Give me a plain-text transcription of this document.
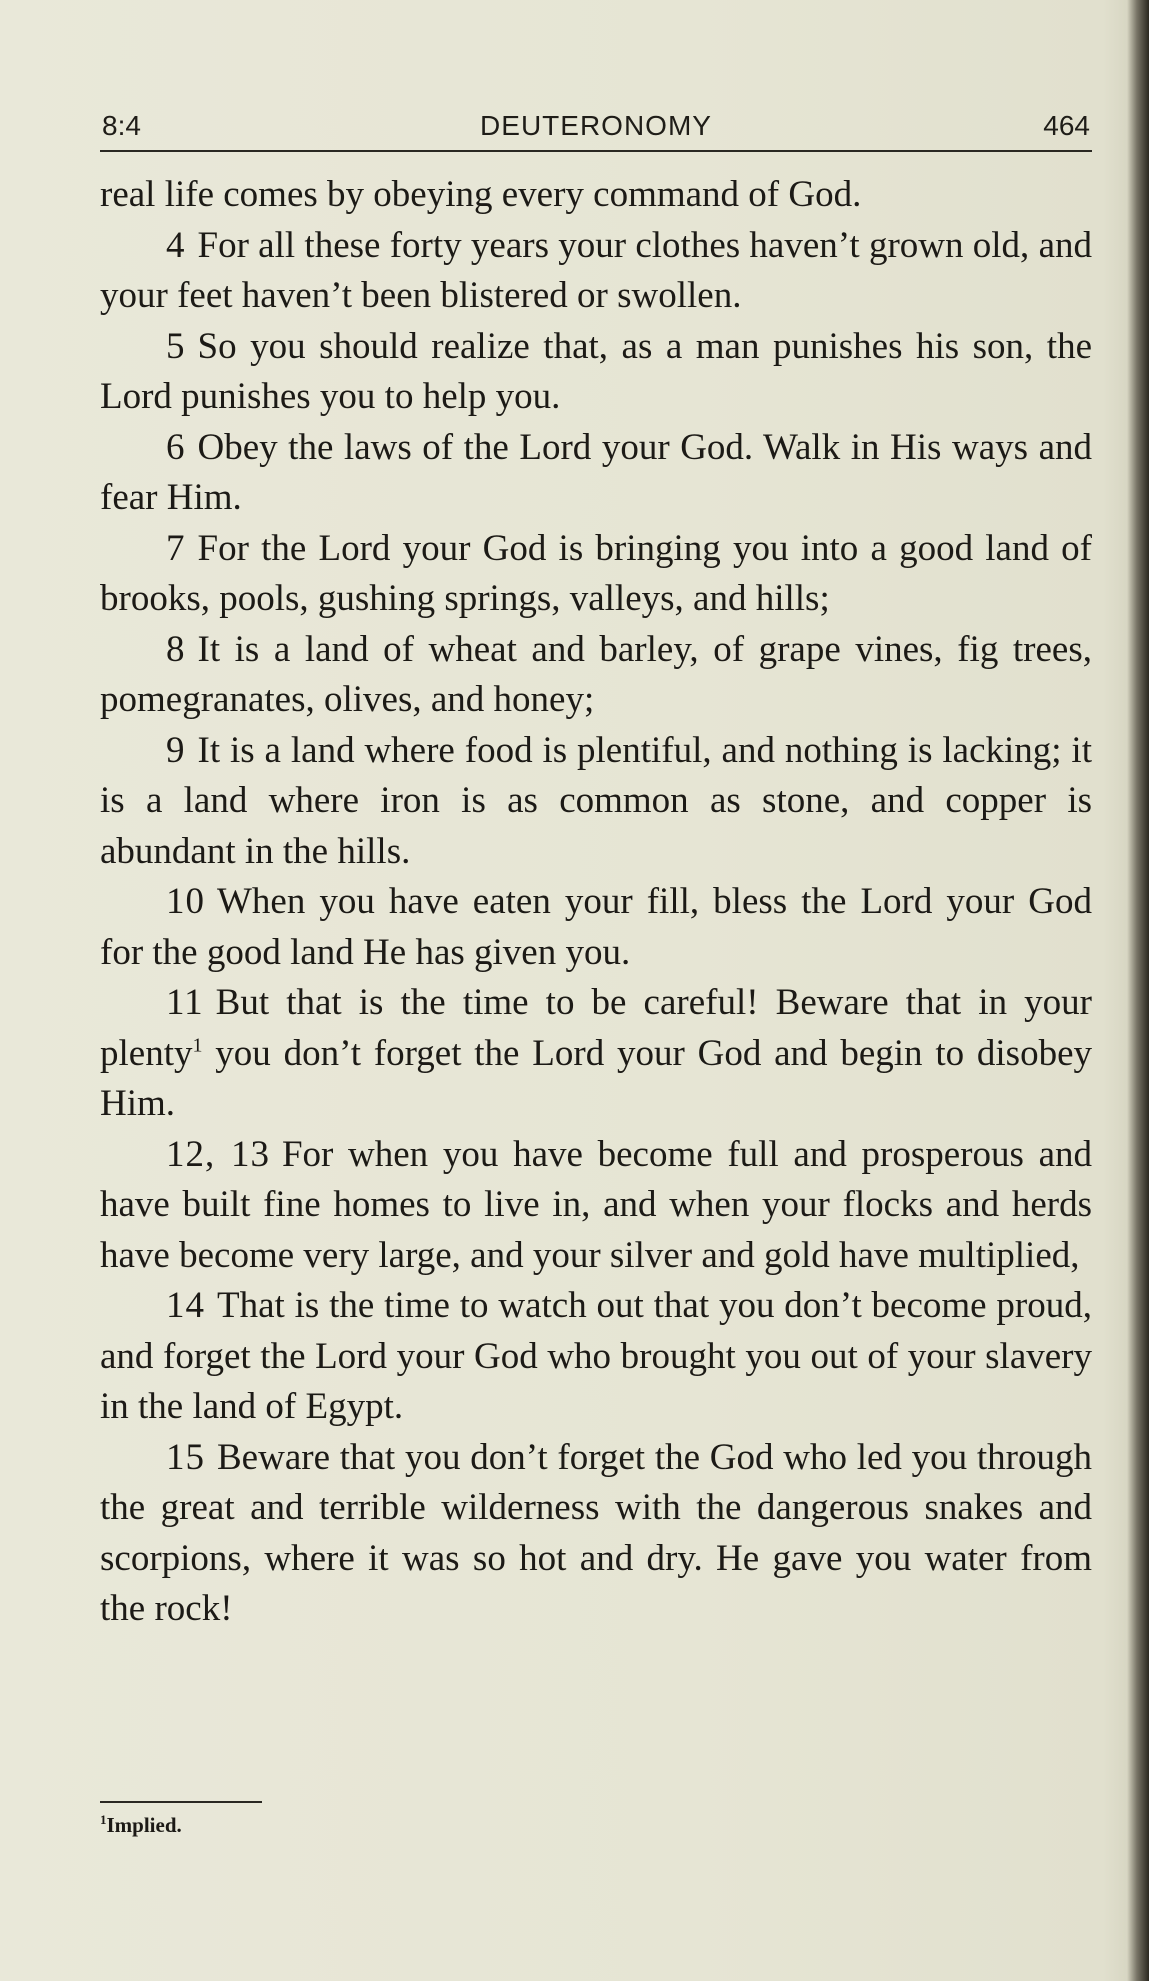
DEUTERONOMY
8:4	464

real life comes by obeying every command of God.

4 For all these forty years your clothes haven’t grown old, and your feet haven’t been blistered or swollen.

5 So you should realize that, as a man punishes his son, the Lord punishes you to help you.

6 Obey the laws of the Lord your God. Walk in His ways and fear Him.

7 For the Lord your God is bringing you into a good land of brooks, pools, gushing springs, valleys, and hills;

8 It is a land of wheat and barley, of grape vines, fig trees, pomegranates, olives, and honey;

9 It is a land where food is plentiful, and nothing is lacking; it is a land where iron is as common as stone, and copper is abundant in the hills.

10 When you have eaten your fill, bless the Lord your God for the good land He has given you.

11 But that is the time to be careful! Beware that in your plenty$^1$ you don’t forget the Lord your God and begin to disobey Him.

12, 13 For when you have become full and prosperous and have built fine homes to live in, and when your flocks and herds have become very large, and your silver and gold have multiplied,

14 That is the time to watch out that you don’t become proud, and forget the Lord your God who brought you out of your slavery in the land of Egypt.

15 Beware that you don’t forget the God who led you through the great and terrible wilderness with the dangerous snakes and scorpions, where it was so hot and dry. He gave you water from the rock!

$^1$Implied.
